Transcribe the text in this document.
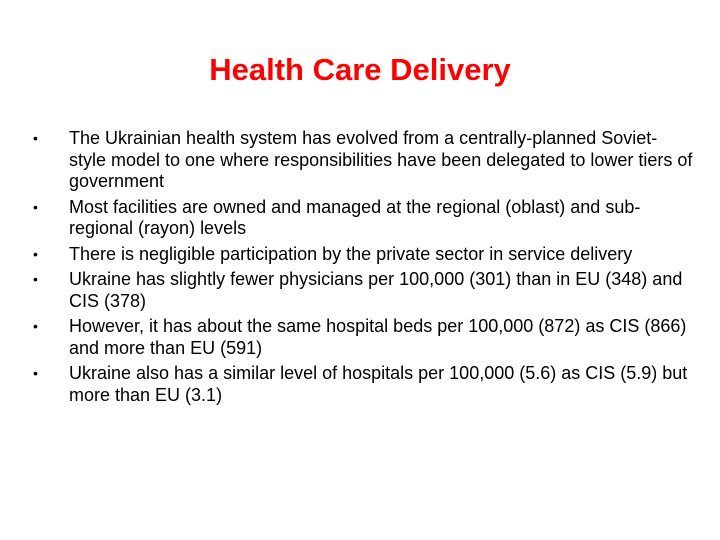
Health Care Delivery
•	The Ukrainian health system has evolved from a centrally-planned Soviet-style model to one where responsibilities have been delegated to lower tiers of government
•	Most facilities are owned and managed at the regional (oblast) and sub-regional (rayon) levels
•	There is negligible participation by the private sector in service delivery
•	Ukraine has slightly fewer physicians per 100,000 (301) than in EU (348) and CIS (378)
•	However, it has about the same hospital beds per 100,000 (872) as CIS (866) and more than EU (591)
•	Ukraine also has a similar level of hospitals per 100,000 (5.6) as CIS (5.9) but more than EU (3.1)
